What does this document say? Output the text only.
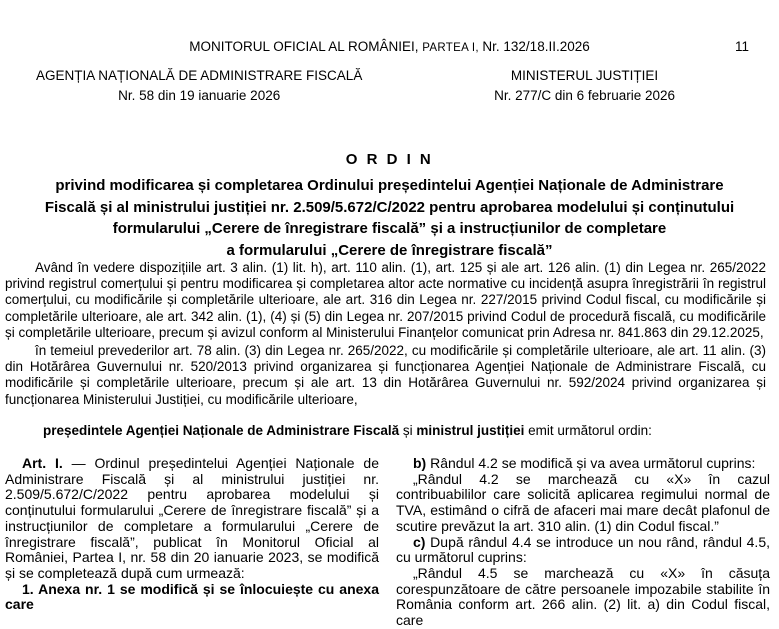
MONITORUL OFICIAL AL ROMÂNIEI, PARTEA I, Nr. 132/18.II.2026	11
AGENȚIA NAȚIONALĂ DE ADMINISTRARE FISCALĂ
Nr. 58 din 19 ianuarie 2026
MINISTERUL JUSTIȚIEI
Nr. 277/C din 6 februarie 2026
O R D I N
privind modificarea și completarea Ordinului președintelui Agenției Naționale de Administrare
Fiscală și al ministrului justiției nr. 2.509/5.672/C/2022 pentru aprobarea modelului și conținutului
formularului „Cerere de înregistrare fiscală” și a instrucțiunilor de completare
a formularului „Cerere de înregistrare fiscală”

Având în vedere dispozițiile art. 3 alin. (1) lit. h), art. 110 alin. (1), art. 125 și ale art. 126 alin. (1) din Legea nr. 265/2022 privind registrul comerțului și pentru modificarea și completarea altor acte normative cu incidență asupra înregistrării în registrul comerțului, cu modificările și completările ulterioare, ale art. 316 din Legea nr. 227/2015 privind Codul fiscal, cu modificările și completările ulterioare, ale art. 342 alin. (1), (4) și (5) din Legea nr. 207/2015 privind Codul de procedură fiscală, cu modificările și completările ulterioare, precum și avizul conform al Ministerului Finanțelor comunicat prin Adresa nr. 841.863 din 29.12.2025,

în temeiul prevederilor art. 78 alin. (3) din Legea nr. 265/2022, cu modificările și completările ulterioare, ale art. 11 alin. (3) din Hotărârea Guvernului nr. 520/2013 privind organizarea și funcționarea Agenției Naționale de Administrare Fiscală, cu modificările și completările ulterioare, precum și ale art. 13 din Hotărârea Guvernului nr. 592/2024 privind organizarea și funcționarea Ministerului Justiției, cu modificările ulterioare,

președintele Agenției Naționale de Administrare Fiscală și ministrul justiției emit următorul ordin:

Art. I. — Ordinul președintelui Agenției Naționale de Administrare Fiscală și al ministrului justiției nr. 2.509/5.672/C/2022 pentru aprobarea modelului și conținutului formularului „Cerere de înregistrare fiscală” și a instrucțiunilor de completare a formularului „Cerere de înregistrare fiscală”, publicat în Monitorul Oficial al României, Partea I, nr. 58 din 20 ianuarie 2023, se modifică și se completează după cum urmează:

1. Anexa nr. 1 se modifică și se înlocuiește cu anexa care

b) Rândul 4.2 se modifică și va avea următorul cuprins:

„Rândul 4.2 se marchează cu «X» în cazul contribuabililor care solicită aplicarea regimului normal de TVA, estimând o cifră de afaceri mai mare decât plafonul de scutire prevăzut la art. 310 alin. (1) din Codul fiscal.”

c) După rândul 4.4 se introduce un nou rând, rândul 4.5, cu următorul cuprins:

„Rândul 4.5 se marchează cu «X» în căsuța corespunzătoare de către persoanele impozabile stabilite în România conform art. 266 alin. (2) lit. a) din Codul fiscal, care
